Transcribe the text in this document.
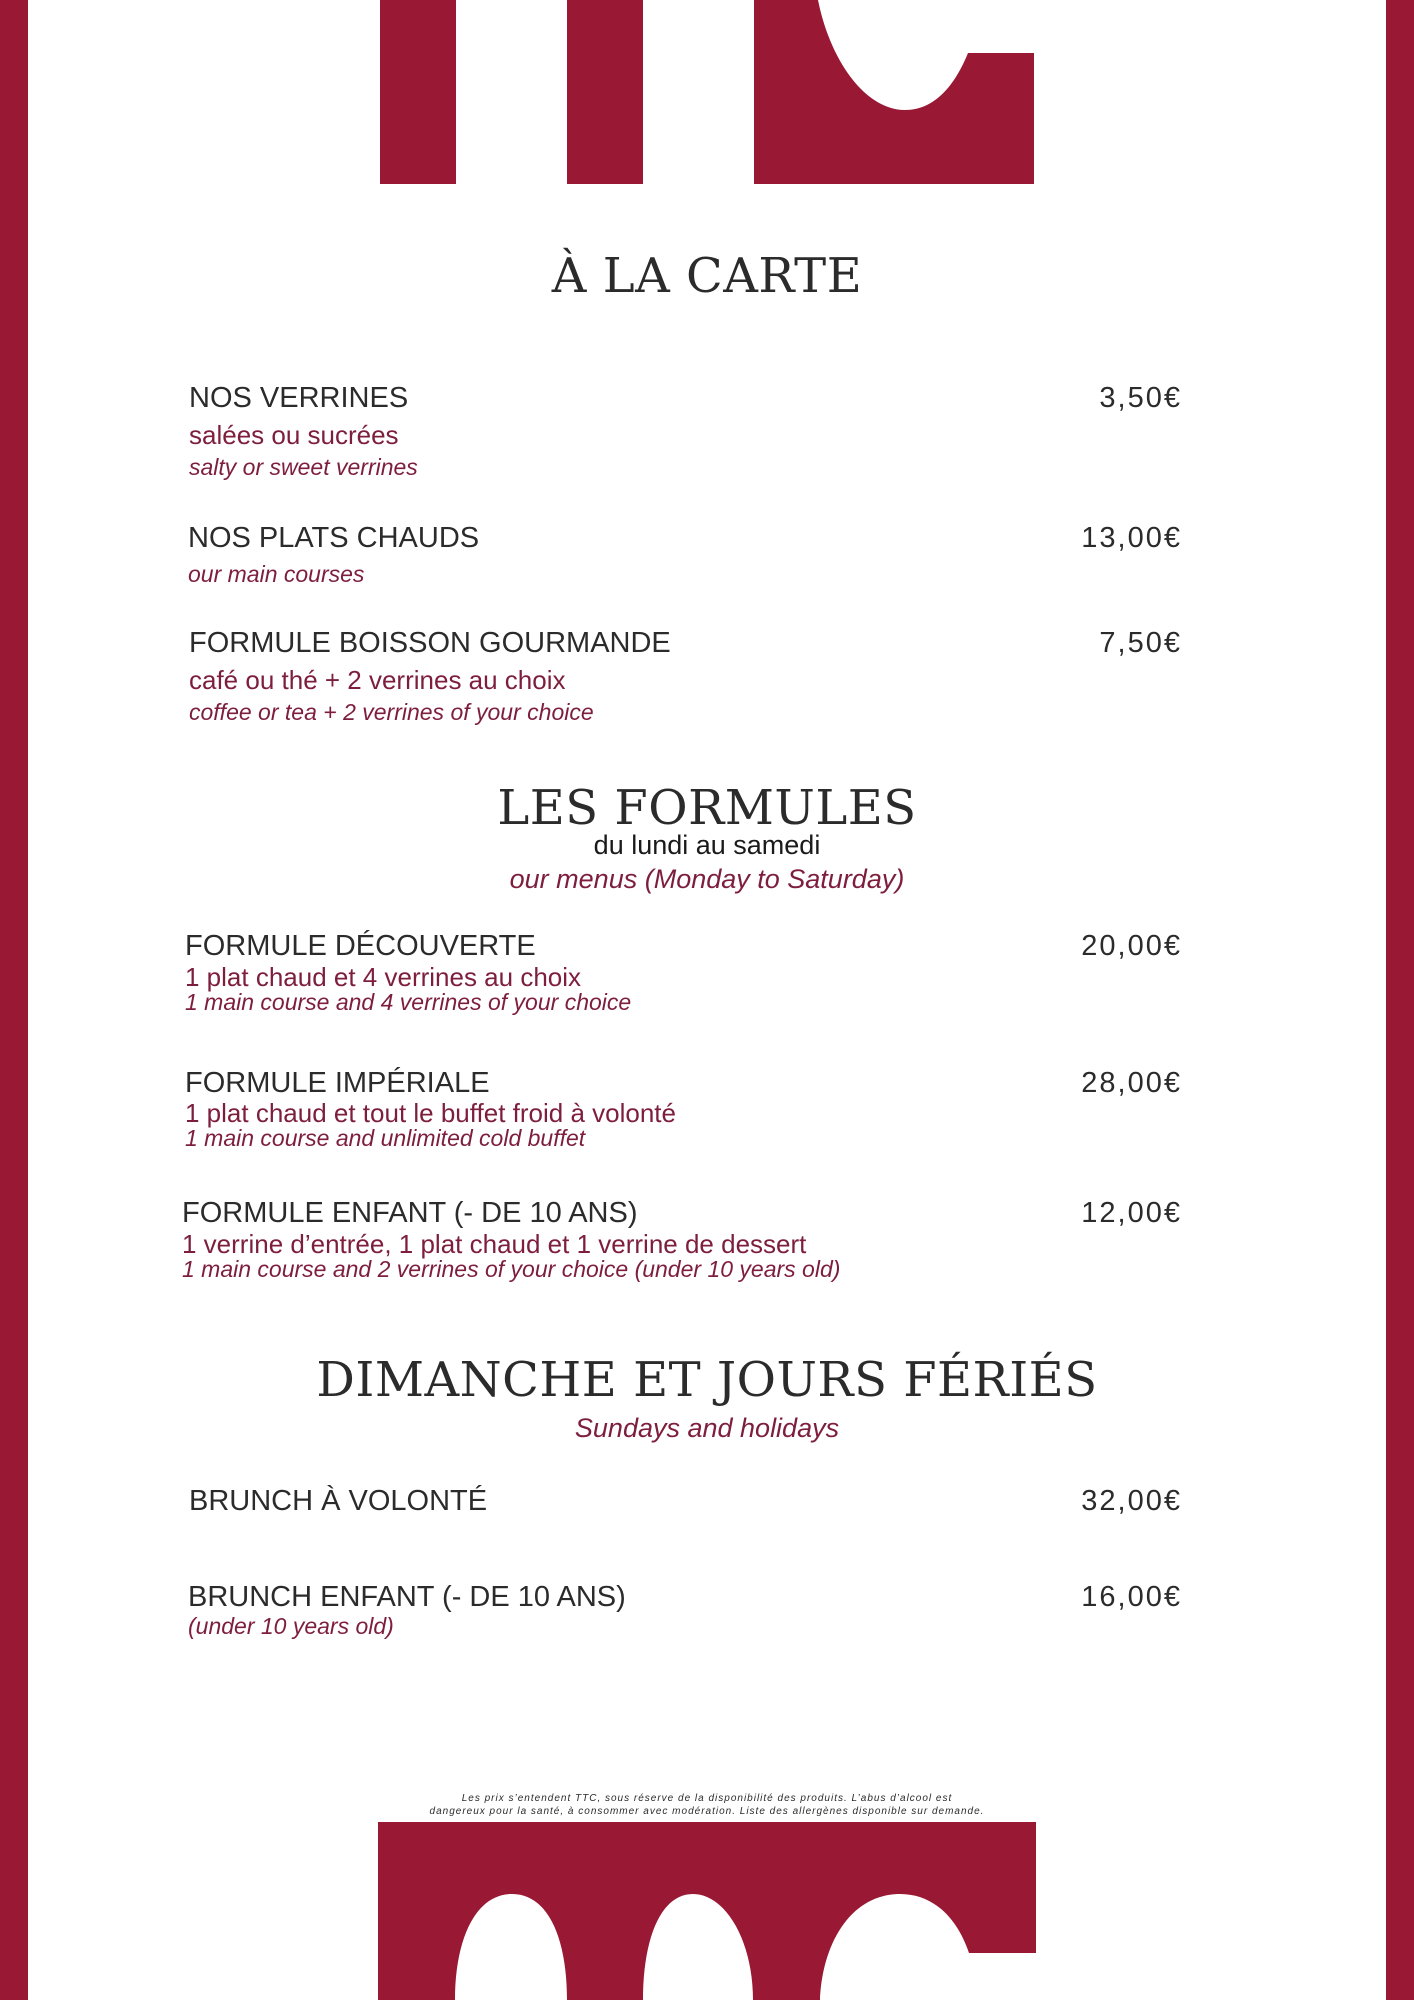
À LA CARTE

NOS VERRINES

salées ou sucrées

salty or sweet verrines

3,50€

NOS PLATS CHAUDS

our main courses

13,00€

FORMULE BOISSON GOURMANDE

café ou thé + 2 verrines au choix

coffee or tea + 2 verrines of your choice

7,50€

LES FORMULES

du lundi au samedi

our menus (Monday to Saturday)

FORMULE DÉCOUVERTE

1 plat chaud et 4 verrines au choix

1 main course and 4 verrines of your choice

20,00€

FORMULE IMPÉRIALE

1 plat chaud et tout le buffet froid à volonté

1 main course and unlimited cold buffet

28,00€

FORMULE ENFANT (- DE 10 ANS)

1 verrine d’entrée, 1 plat chaud et 1 verrine de dessert

1 main course and 2 verrines of your choice (under 10 years old)

12,00€

DIMANCHE ET JOURS FÉRIÉS

Sundays and holidays

BRUNCH À VOLONTÉ	32,00€

BRUNCH ENFANT (- DE 10 ANS)

(under 10 years old)

16,00€

Les prix s’entendent TTC, sous réserve de la disponibilité des produits. L’abus d’alcool est
dangereux pour la santé, à consommer avec modération. Liste des allergènes disponible sur demande.
